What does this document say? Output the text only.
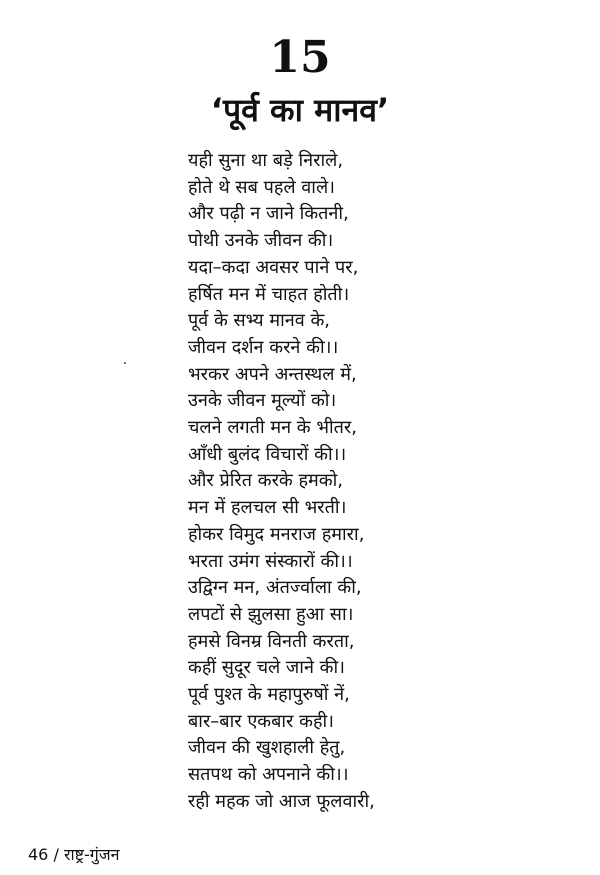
15
‘पूर्व का मानव’
यही सुना था बड़े निराले,
होते थे सब पहले वाले।
और पढ़ी न जाने कितनी,
पोथी उनके जीवन की।
यदा–कदा अवसर पाने पर,
हर्षित मन में चाहत होती।
पूर्व के सभ्य मानव के,
जीवन दर्शन करने की।।
भरकर अपने अन्तस्थल में,
उनके जीवन मूल्यों को।
चलने लगती मन के भीतर,
आँधी बुलंद विचारों की।।
और प्रेरित करके हमको,
मन में हलचल सी भरती।
होकर विमुद मनराज हमारा,
भरता उमंग संस्कारों की।।
उद्विग्न मन, अंतर्ज्वाला की,
लपटों से झुलसा हुआ सा।
हमसे विनम्र विनती करता,
कहीं सुदूर चले जाने की।
पूर्व पुश्त के महापुरुषों नें,
बार–बार एकबार कही।
जीवन की खुशहाली हेतु,
सतपथ को अपनाने की।।
रही महक जो आज फूलवारी,
46 / राष्ट्र-गुंजन
